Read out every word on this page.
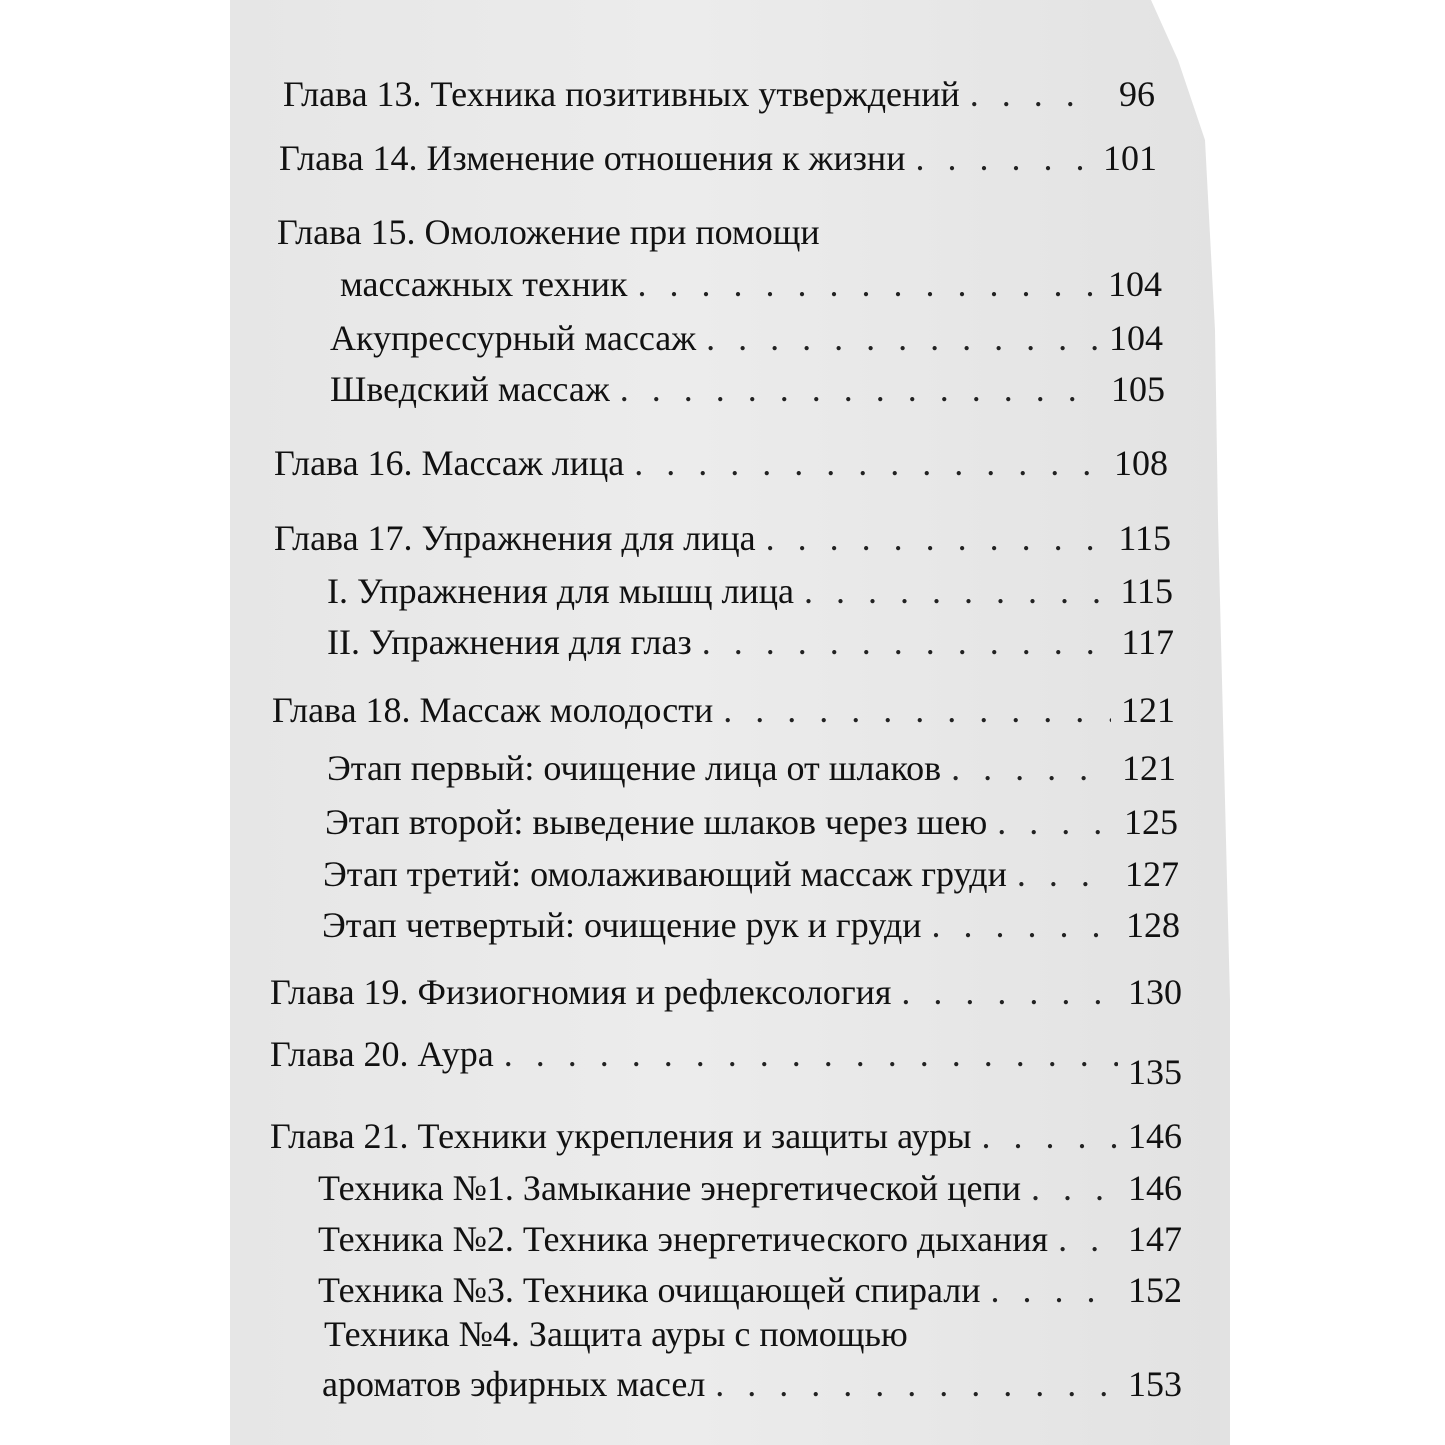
Глава 13. Техника позитивных утверждений . . .	96
Глава 14. Изменение отношения к жизни . . .	101
Глава 15. Омоложение при помощи
массажных техник . . .	104
Акупрессурный массаж . . .	104
Шведский массаж . . .	105
Глава 16. Массаж лица . . .	108
Глава 17. Упражнения для лица . . .	115
I. Упражнения для мышц лица . . .	115
II. Упражнения для глаз . . .	117
Глава 18. Массаж молодости . . .	121
Этап первый: очищение лица от шлаков . . .	121
Этап второй: выведение шлаков через шею . . .	125
Этап третий: омолаживающий массаж груди . . .	127
Этап четвертый: очищение рук и груди . . .	128
Глава 19. Физиогномия и рефлексология . . .	130
Глава 20. Аура . . .	135
Глава 21. Техники укрепления и защиты ауры . . .	146
Техника №1. Замыкание энергетической цепи . . .	146
Техника №2. Техника энергетического дыхания . . . 147
Техника №3. Техника очищающей спирали . . .	152
Техника №4. Защита ауры с помощью
ароматов эфирных масел . . .	153
